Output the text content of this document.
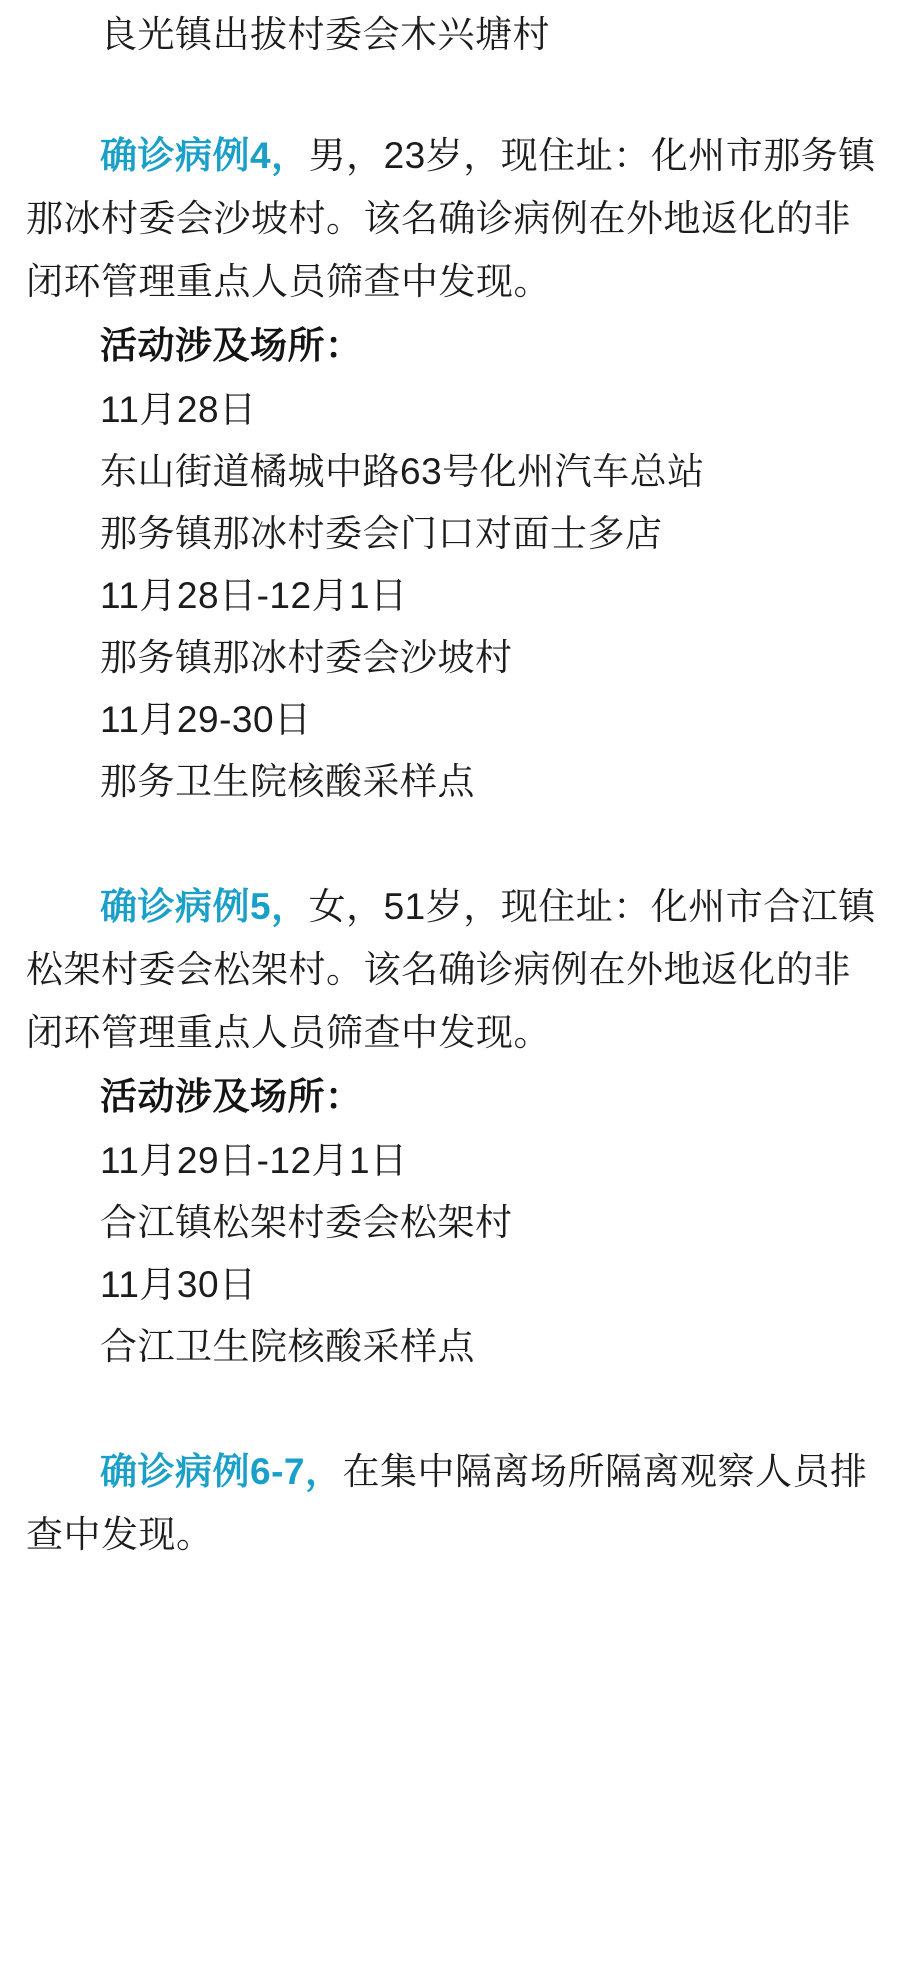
良光镇出拔村委会木兴塘村

确诊病例4，男，23岁，现住址：化州市那务镇那冰村委会沙坡村。该名确诊病例在外地返化的非闭环管理重点人员筛查中发现。

活动涉及场所：
11月28日
东山街道橘城中路63号化州汽车总站
那务镇那冰村委会门口对面士多店
11月28日-12月1日
那务镇那冰村委会沙坡村
11月29-30日
那务卫生院核酸采样点

确诊病例5，女，51岁，现住址：化州市合江镇松架村委会松架村。该名确诊病例在外地返化的非闭环管理重点人员筛查中发现。

活动涉及场所：
11月29日-12月1日
合江镇松架村委会松架村
11月30日
合江卫生院核酸采样点

确诊病例6-7，在集中隔离场所隔离观察人员排查中发现。
